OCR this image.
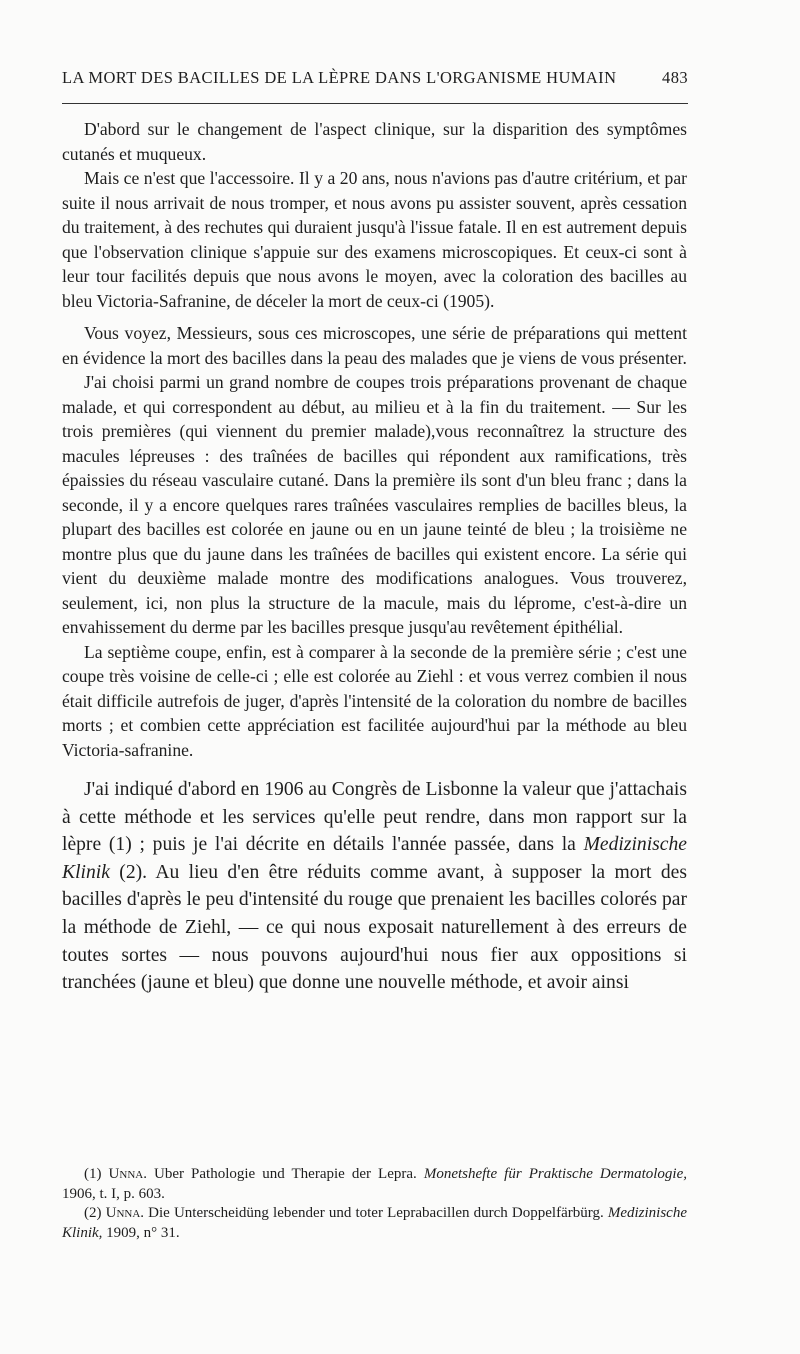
LA MORT DES BACILLES DE LA LÈPRE DANS L'ORGANISME HUMAIN	483

D'abord sur le changement de l'aspect clinique, sur la disparition des symptômes cutanés et muqueux.

Mais ce n'est que l'accessoire. Il y a 20 ans, nous n'avions pas d'autre critérium, et par suite il nous arrivait de nous tromper, et nous avons pu assister souvent, après cessation du traitement, à des rechutes qui duraient jusqu'à l'issue fatale. Il en est autrement depuis que l'observation clinique s'appuie sur des examens microscopiques. Et ceux-ci sont à leur tour facilités depuis que nous avons le moyen, avec la coloration des bacilles au bleu Victoria-Safranine, de déceler la mort de ceux-ci (1905).

Vous voyez, Messieurs, sous ces microscopes, une série de préparations qui mettent en évidence la mort des bacilles dans la peau des malades que je viens de vous présenter.

J'ai choisi parmi un grand nombre de coupes trois préparations provenant de chaque malade, et qui correspondent au début, au milieu et à la fin du traitement. — Sur les trois premières (qui viennent du premier malade),vous reconnaîtrez la structure des macules lépreuses : des traînées de bacilles qui répondent aux ramifications, très épaissies du réseau vasculaire cutané. Dans la première ils sont d'un bleu franc ; dans la seconde, il y a encore quelques rares traînées vasculaires remplies de bacilles bleus, la plupart des bacilles est colorée en jaune ou en un jaune teinté de bleu ; la troisième ne montre plus que du jaune dans les traînées de bacilles qui existent encore. La série qui vient du deuxième malade montre des modifications analogues. Vous trouverez, seulement, ici, non plus la structure de la macule, mais du léprome, c'est-à-dire un envahissement du derme par les bacilles presque jusqu'au revêtement épithélial.

La septième coupe, enfin, est à comparer à la seconde de la première série ; c'est une coupe très voisine de celle-ci ; elle est colorée au Ziehl : et vous verrez combien il nous était difficile autrefois de juger, d'après l'intensité de la coloration du nombre de bacilles morts ; et combien cette appréciation est facilitée aujourd'hui par la méthode au bleu Victoria-safranine.

J'ai indiqué d'abord en 1906 au Congrès de Lisbonne la valeur que j'attachais à cette méthode et les services qu'elle peut rendre, dans mon rapport sur la lèpre (1) ; puis je l'ai décrite en détails l'année passée, dans la Medizinische Klinik (2). Au lieu d'en être réduits comme avant, à supposer la mort des bacilles d'après le peu d'intensité du rouge que prenaient les bacilles colorés par la méthode de Ziehl, — ce qui nous exposait naturellement à des erreurs de toutes sortes — nous pouvons aujourd'hui nous fier aux oppositions si tranchées (jaune et bleu) que donne une nouvelle méthode, et avoir ainsi

(1) Unna. Uber Pathologie und Therapie der Lepra. Monetshefte für Praktische Dermatologie, 1906, t. I, p. 603.

(2) Unna. Die Unterscheidüng lebender und toter Leprabacillen durch Doppelfärbürg. Medizinische Klinik, 1909, n° 31.
